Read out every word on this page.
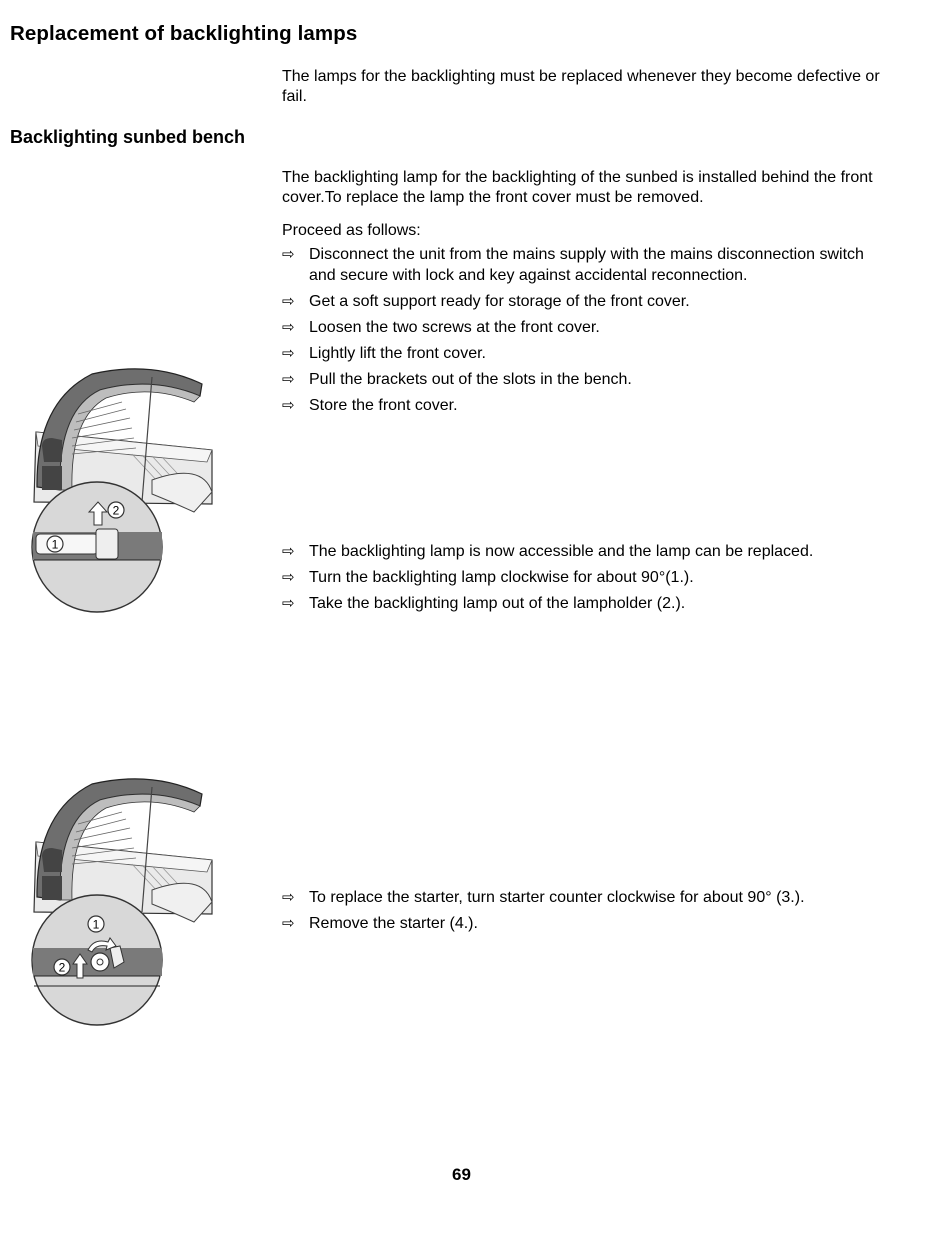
Replacement of backlighting lamps

The lamps for the backlighting must be replaced whenever they become defective or fail.

Backlighting sunbed bench

The backlighting lamp for the backlighting of the sunbed is installed behind the front cover.To replace the lamp the front cover must be removed.

Proceed as follows:

⇨ Disconnect the unit from the mains supply with the mains disconnection switch and secure with lock and key against accidental reconnection.
⇨ Get a soft support ready for storage of the front cover.
⇨ Loosen the two screws at the front cover.
⇨ Lightly lift the front cover.
⇨ Pull the brackets out of the slots in the bench.
⇨ Store the front cover.
⇨ The backlighting lamp is now accessible and the lamp can be replaced.
⇨ Turn the backlighting lamp clockwise for about 90°(1.).
⇨ Take the backlighting lamp out of the lampholder (2.).
⇨ To replace the starter, turn starter counter clockwise for about 90° (3.).
⇨ Remove the starter (4.).
1
2
1
2
69
